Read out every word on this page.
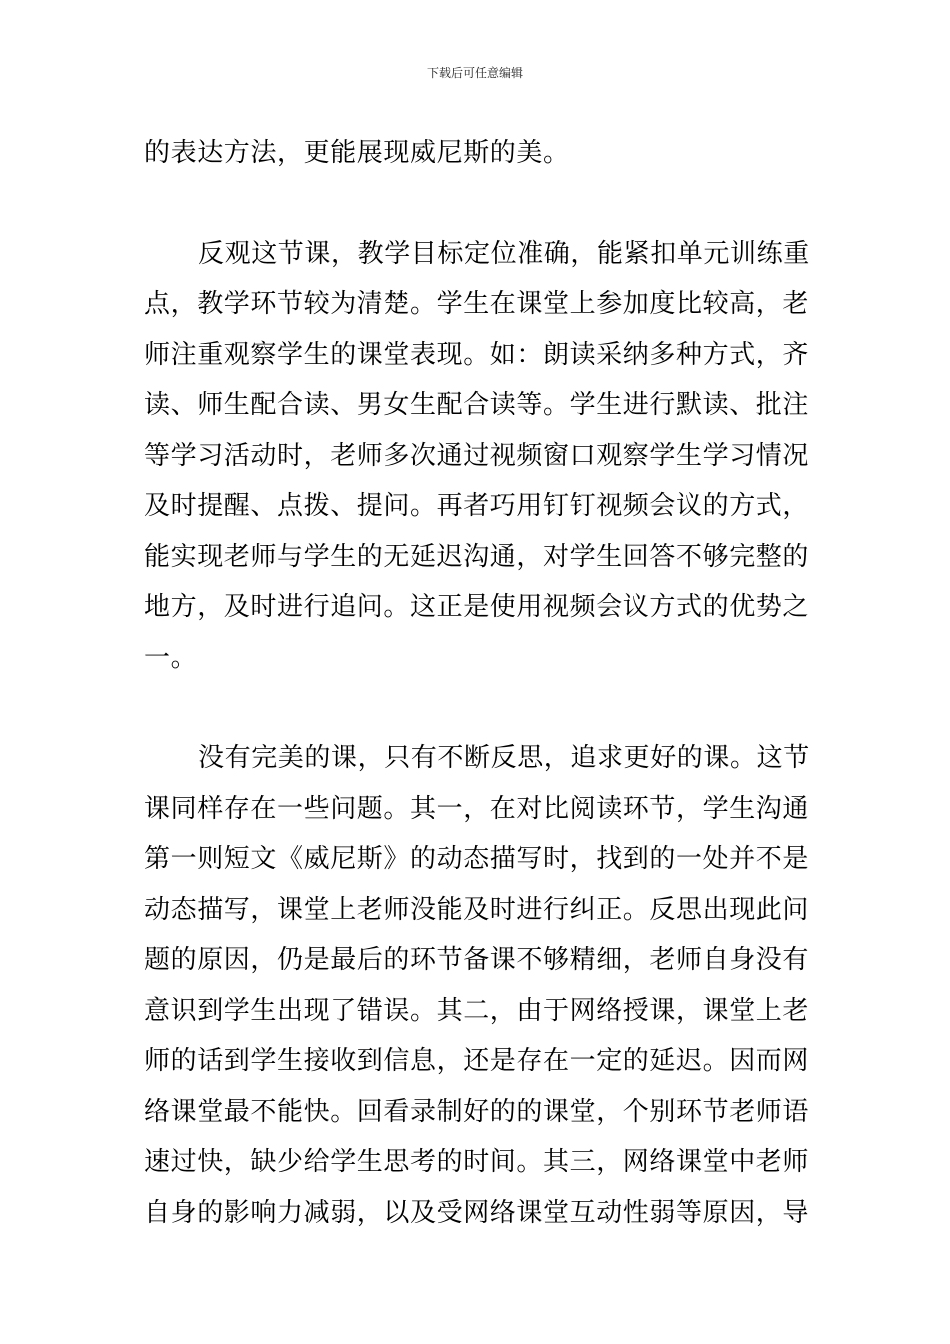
下载后可任意编辑
的表达方法，更能展现威尼斯的美。
反观这节课，教学目标定位准确，能紧扣单元训练重
点，教学环节较为清楚。学生在课堂上参加度比较高，老
师注重观察学生的课堂表现。如：朗读采纳多种方式，齐
读、师生配合读、男女生配合读等。学生进行默读、批注
等学习活动时，老师多次通过视频窗口观察学生学习情况
及时提醒、点拨、提问。再者巧用钉钉视频会议的方式，
能实现老师与学生的无延迟沟通，对学生回答不够完整的
地方，及时进行追问。这正是使用视频会议方式的优势之
一。
没有完美的课，只有不断反思，追求更好的课。这节
课同样存在一些问题。其一，在对比阅读环节，学生沟通
第一则短文《威尼斯》的动态描写时，找到的一处并不是
动态描写，课堂上老师没能及时进行纠正。反思出现此问
题的原因，仍是最后的环节备课不够精细，老师自身没有
意识到学生出现了错误。其二，由于网络授课，课堂上老
师的话到学生接收到信息，还是存在一定的延迟。因而网
络课堂最不能快。回看录制好的的课堂，个别环节老师语
速过快，缺少给学生思考的时间。其三，网络课堂中老师
自身的影响力减弱，以及受网络课堂互动性弱等原因，导
